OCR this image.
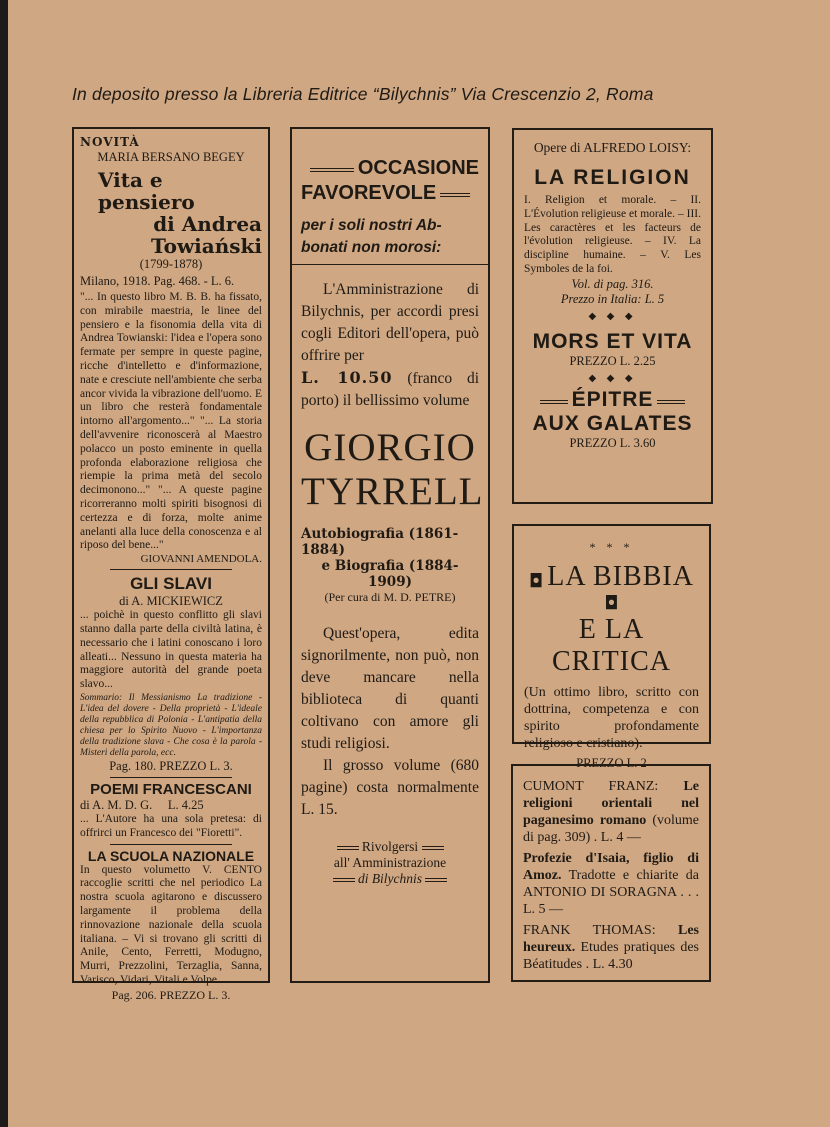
In deposito presso la Libreria Editrice “Bilychnis” Via Crescenzio 2, Roma
NOVITÀ
MARIA BERSANO BEGEY
Vita e pensiero
di Andrea Towiański
(1799-1878)
Milano, 1918. Pag. 468. - L. 6.

"... In questo libro M. B. B. ha fissato, con mirabile maestria, le linee del pensiero e la fisonomia della vita di Andrea Towianski: l'idea e l'opera sono fermate per sempre in queste pagine, ricche d'intelletto e d'informazione, nate e cresciute nell'ambiente che serba ancor vivida la vibrazione dell'uomo. E un libro che resterà fondamentale intorno all'argomento..." "... La storia dell'avvenire riconoscerà al Maestro polacco un posto eminente in quella profonda elaborazione religiosa che riempie la prima metà del secolo decimonono..." "... A queste pagine ricorreranno molti spiriti bisognosi di certezza e di forza, molte anime anelanti alla luce della conoscenza e al riposo del bene..."

GIOVANNI AMENDOLA.
GLI SLAVI
di A. MICKIEWICZ

... poichè in questo conflitto gli slavi stanno dalla parte della civiltà latina, è necessario che i latini conoscano i loro alleati... Nessuno in questa materia ha maggiore autorità del grande poeta slavo...

Sommario: Il Messianismo La tradizione - L'idea del dovere - Della proprietà - L'ideale della repubblica di Polonia - L'antipatia della chiesa per lo Spirito Nuovo - L'importanza della tradizione slava - Che cosa è la parola - Misteri della parola, ecc.

Pag. 180. PREZZO L. 3.
POEMI FRANCESCANI
di A. M. D. G.     L. 4.25

... L'Autore ha una sola pretesa: di offrirci un Francesco dei "Fioretti".

LA SCUOLA NAZIONALE

In questo volumetto V. CENTO raccoglie scritti che nel periodico La nostra scuola agitarono e discussero largamente il problema della rinnovazione nazionale della scuola italiana. – Vi si trovano gli scritti di Anile, Cento, Ferretti, Modugno, Murri, Prezzolini, Terzaglia, Sanna, Varisco, Vidari, Vitali e Volpe.

Pag. 206. PREZZO L. 3.
OCCASIONE
FAVOREVOLE
per i soli nostri Ab-
bonati non morosi:

L'Amministrazione di Bilychnis, per accordi presi cogli Editori dell'opera, può offrire per

L. 10.50 (franco di porto) il bellissimo volume

GIORGIO
TYRRELL
Autobiografia (1861-1884)
e Biografia (1884-1909)
(Per cura di M. D. PETRE)

Quest'opera, edita signorilmente, non può, non deve mancare nella biblioteca di quanti coltivano con amore gli studi religiosi.

Il grosso volume (680 pagine) costa normalmente L. 15.

Rivolgersi
all' Amministrazione
di Bilychnis
Opere di ALFREDO LOISY:
LA RELIGION

I. Religion et morale. – II. L'Évolution religieuse et morale. – III. Les caractères et les facteurs de l'évolution religieuse. – IV. La discipline humaine. – V. Les Symboles de la foi.

Vol. di pag. 316.
Prezzo in Italia: L. 5
◆ ◆ ◆
MORS ET VITA
PREZZO L. 2.25
◆ ◆ ◆
ÉPITRE
AUX GALATES
PREZZO L. 3.60
* * *
◘ LA BIBBIA ◘
E LA CRITICA

(Un ottimo libro, scritto con dottrina, competenza e con spirito profondamente religioso e cristiano).

PREZZO L. 2

CUMONT FRANZ: Le religioni orientali nel paganesimo romano (volume di pag. 309) . L. 4 —

Profezie d'Isaia, figlio di Amoz. Tradotte e chiarite da ANTONIO DI SORAGNA . . . L. 5 —

FRANK THOMAS: Les heureux. Etudes pratiques des Béatitudes . L. 4.30
